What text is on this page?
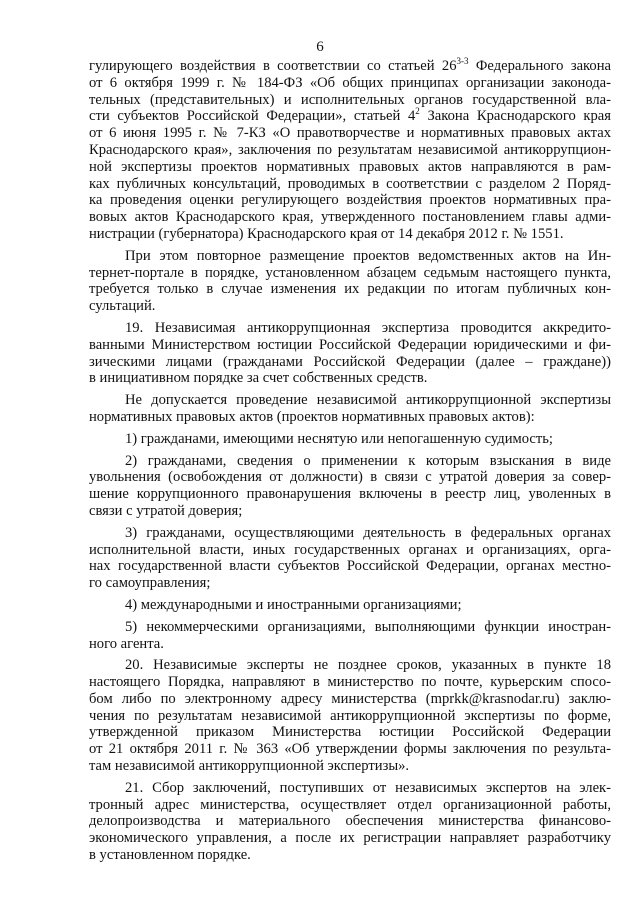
6
гулирующего воздействия в соответствии со статьей 26$^{3-3}$ Федерального закона
от 6 октября 1999 г. № 184-ФЗ «Об общих принципах организации законода-
тельных (представительных) и исполнительных органов государственной вла-
сти субъектов Российской Федерации», статьей $4^2$ Закона Краснодарского края
от 6 июня 1995 г. № 7-КЗ «О правотворчестве и нормативных правовых актах
Краснодарского края», заключения по результатам независимой антикоррупцион-
ной экспертизы проектов нормативных правовых актов направляются в рам-
ках публичных консультаций, проводимых в соответствии с разделом 2 Поряд-
ка проведения оценки регулирующего воздействия проектов нормативных пра-
вовых актов Краснодарского края, утвержденного постановлением главы адми-
нистрации (губернатора) Краснодарского края от 14 декабря 2012 г. № 1551.
При этом повторное размещение проектов ведомственных актов на Ин-
тернет-портале в порядке, установленном абзацем седьмым настоящего пункта,
требуется только в случае изменения их редакции по итогам публичных кон-
сультаций.
19. Независимая антикоррупционная экспертиза проводится аккредито-
ванными Министерством юстиции Российской Федерации юридическими и фи-
зическими лицами (гражданами Российской Федерации (далее – граждане))
в инициативном порядке за счет собственных средств.
Не допускается проведение независимой антикоррупционной экспертизы
нормативных правовых актов (проектов нормативных правовых актов):
1) гражданами, имеющими неснятую или непогашенную судимость;
2) гражданами, сведения о применении к которым взыскания в виде
увольнения (освобождения от должности) в связи с утратой доверия за совер-
шение коррупционного правонарушения включены в реестр лиц, уволенных в
связи с утратой доверия;
3) гражданами, осуществляющими деятельность в федеральных органах
исполнительной власти, иных государственных органах и организациях, орга-
нах государственной власти субъектов Российской Федерации, органах местно-
го самоуправления;
4) международными и иностранными организациями;
5) некоммерческими организациями, выполняющими функции иностран-
ного агента.
20. Независимые эксперты не позднее сроков, указанных в пункте 18
настоящего Порядка, направляют в министерство по почте, курьерским спосо-
бом либо по электронному адресу министерства (mprkk@krasnodar.ru) заклю-
чения по результатам независимой антикоррупционной экспертизы по форме,
утвержденной приказом Министерства юстиции Российской Федерации
от 21 октября 2011 г. № 363 «Об утверждении формы заключения по результа-
там независимой антикоррупционной экспертизы».
21. Сбор заключений, поступивших от независимых экспертов на элек-
тронный адрес министерства, осуществляет отдел организационной работы,
делопроизводства и материального обеспечения министерства финансово-
экономического управления, а после их регистрации направляет разработчику
в установленном порядке.
